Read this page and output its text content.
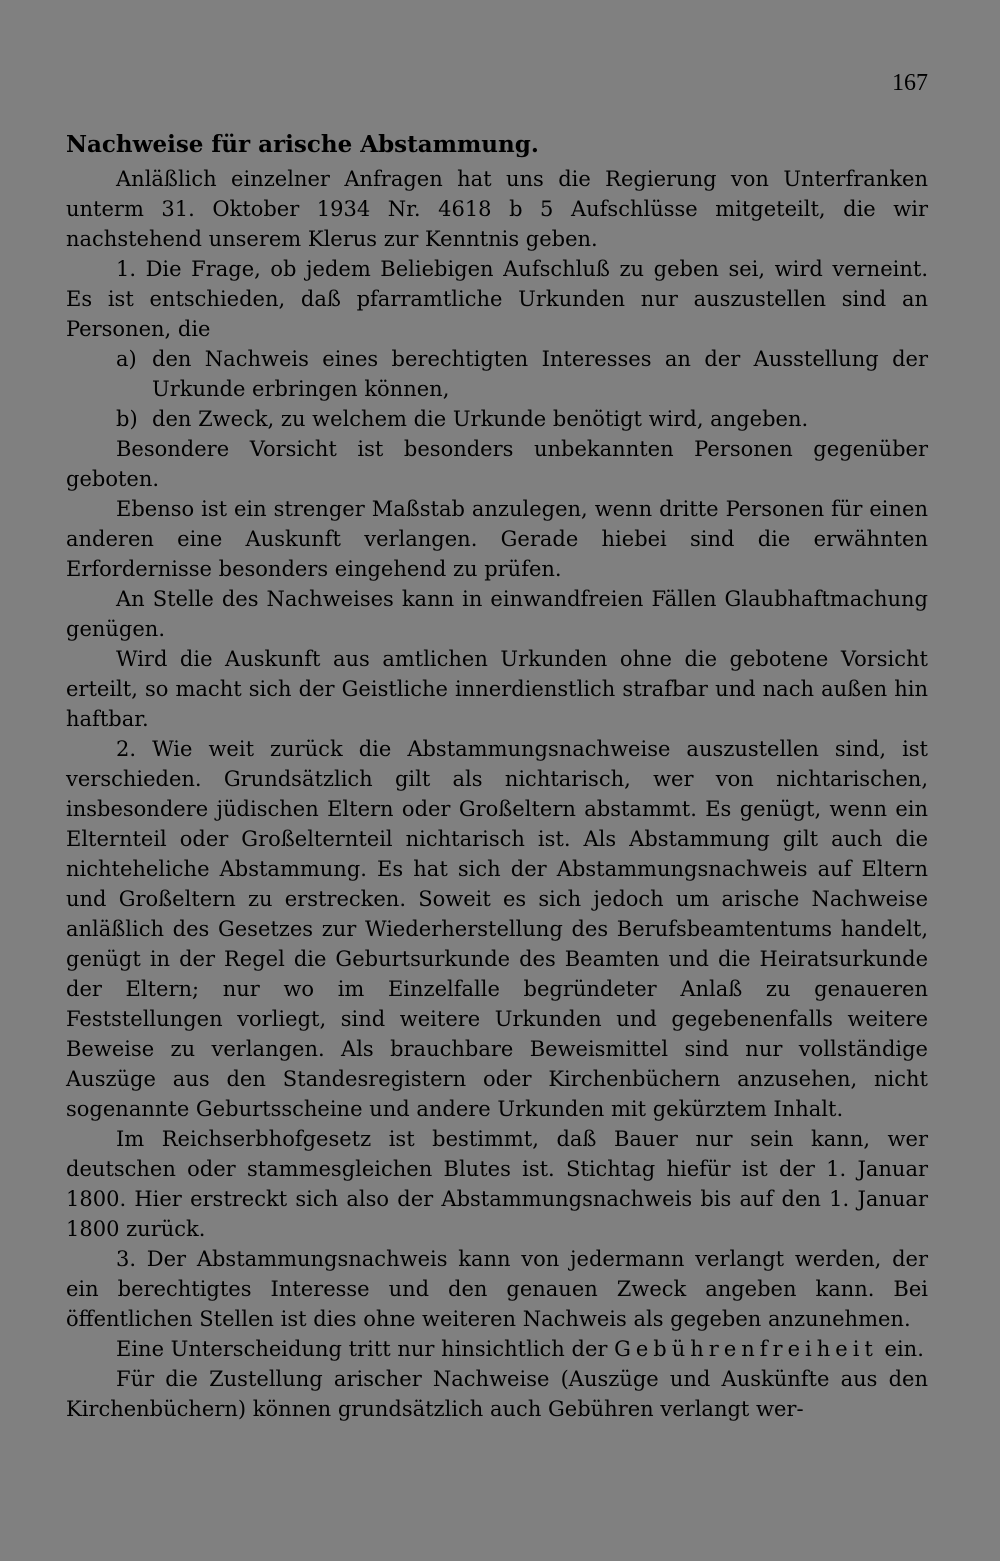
167
Nachweise für arische Abstammung.

Anläßlich einzelner Anfragen hat uns die Regierung von Unterfranken unterm 31. Oktober 1934 Nr. 4618 b 5 Aufschlüsse mitgeteilt, die wir nachstehend unserem Klerus zur Kenntnis geben.

1. Die Frage, ob jedem Beliebigen Aufschluß zu geben sei, wird verneint. Es ist entschieden, daß pfarramtliche Urkunden nur auszustellen sind an Personen, die

a) den Nachweis eines berechtigten Interesses an der Ausstellung der Urkunde erbringen können,

b) den Zweck, zu welchem die Urkunde benötigt wird, angeben.

Besondere Vorsicht ist besonders unbekannten Personen gegenüber geboten.

Ebenso ist ein strenger Maßstab anzulegen, wenn dritte Personen für einen anderen eine Auskunft verlangen. Gerade hiebei sind die erwähnten Erfordernisse besonders eingehend zu prüfen.

An Stelle des Nachweises kann in einwandfreien Fällen Glaubhaftmachung genügen.

Wird die Auskunft aus amtlichen Urkunden ohne die gebotene Vorsicht erteilt, so macht sich der Geistliche innerdienstlich strafbar und nach außen hin haftbar.

2. Wie weit zurück die Abstammungsnachweise auszustellen sind, ist verschieden. Grundsätzlich gilt als nichtarisch, wer von nichtarischen, insbesondere jüdischen Eltern oder Großeltern abstammt. Es genügt, wenn ein Elternteil oder Großelternteil nichtarisch ist. Als Abstammung gilt auch die nichteheliche Abstammung. Es hat sich der Abstammungsnachweis auf Eltern und Großeltern zu erstrecken. Soweit es sich jedoch um arische Nachweise anläßlich des Gesetzes zur Wiederherstellung des Berufsbeamtentums handelt, genügt in der Regel die Geburtsurkunde des Beamten und die Heiratsurkunde der Eltern; nur wo im Einzelfalle begründeter Anlaß zu genaueren Feststellungen vorliegt, sind weitere Urkunden und gegebenenfalls weitere Beweise zu verlangen. Als brauchbare Beweismittel sind nur vollständige Auszüge aus den Standesregistern oder Kirchenbüchern anzusehen, nicht sogenannte Geburtsscheine und andere Urkunden mit gekürztem Inhalt.

Im Reichserbhofgesetz ist bestimmt, daß Bauer nur sein kann, wer deutschen oder stammesgleichen Blutes ist. Stichtag hiefür ist der 1. Januar 1800. Hier erstreckt sich also der Abstammungsnachweis bis auf den 1. Januar 1800 zurück.

3. Der Abstammungsnachweis kann von jedermann verlangt werden, der ein berechtigtes Interesse und den genauen Zweck angeben kann. Bei öffentlichen Stellen ist dies ohne weiteren Nachweis als gegeben anzunehmen.

Eine Unterscheidung tritt nur hinsichtlich der Gebührenfreiheit ein.

Für die Zustellung arischer Nachweise (Auszüge und Auskünfte aus den Kirchenbüchern) können grundsätzlich auch Gebühren verlangt wer-
